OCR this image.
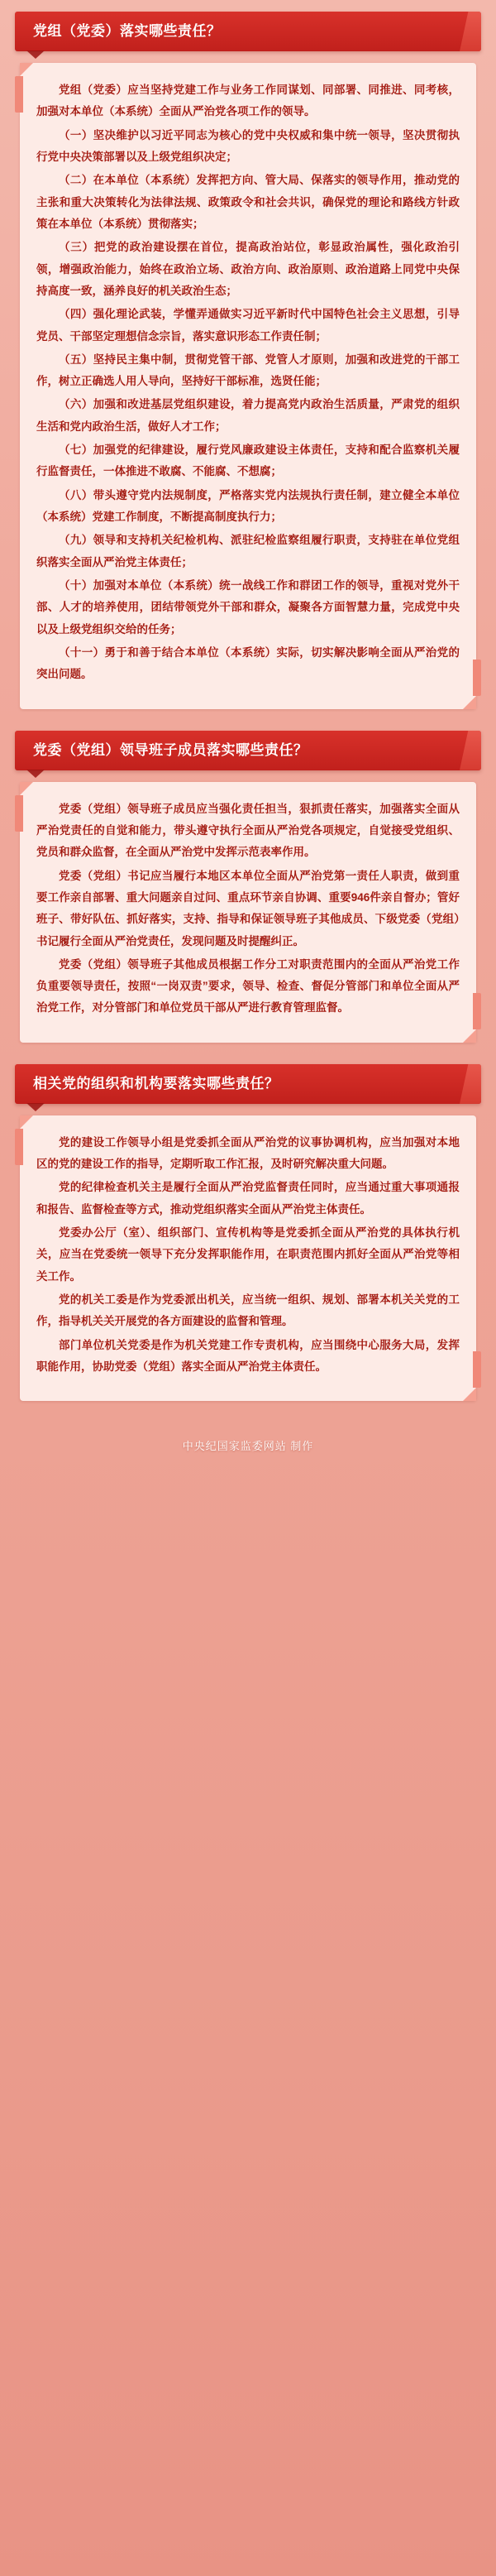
党组（党委）落实哪些责任？

党组（党委）应当坚持党建工作与业务工作同谋划、同部署、同推进、同考核，加强对本单位（本系统）全面从严治党各项工作的领导。

（一）坚决维护以习近平同志为核心的党中央权威和集中统一领导，坚决贯彻执行党中央决策部署以及上级党组织决定；

（二）在本单位（本系统）发挥把方向、管大局、保落实的领导作用，推动党的主张和重大决策转化为法律法规、政策政令和社会共识，确保党的理论和路线方针政策在本单位（本系统）贯彻落实；

（三）把党的政治建设摆在首位，提高政治站位，彰显政治属性，强化政治引领，增强政治能力，始终在政治立场、政治方向、政治原则、政治道路上同党中央保持高度一致，涵养良好的机关政治生态；

（四）强化理论武装，学懂弄通做实习近平新时代中国特色社会主义思想，引导党员、干部坚定理想信念宗旨，落实意识形态工作责任制；

（五）坚持民主集中制，贯彻党管干部、党管人才原则，加强和改进党的干部工作，树立正确选人用人导向，坚持好干部标准，选贤任能；

（六）加强和改进基层党组织建设，着力提高党内政治生活质量，严肃党的组织生活和党内政治生活，做好人才工作；

（七）加强党的纪律建设，履行党风廉政建设主体责任，支持和配合监察机关履行监督责任，一体推进不敢腐、不能腐、不想腐；

（八）带头遵守党内法规制度，严格落实党内法规执行责任制，建立健全本单位（本系统）党建工作制度，不断提高制度执行力；

（九）领导和支持机关纪检机构、派驻纪检监察组履行职责，支持驻在单位党组织落实全面从严治党主体责任；

（十）加强对本单位（本系统）统一战线工作和群团工作的领导，重视对党外干部、人才的培养使用，团结带领党外干部和群众，凝聚各方面智慧力量，完成党中央以及上级党组织交给的任务；

（十一）勇于和善于结合本单位（本系统）实际，切实解决影响全面从严治党的突出问题。

党委（党组）领导班子成员落实哪些责任？

党委（党组）领导班子成员应当强化责任担当，狠抓责任落实，加强落实全面从严治党责任的自觉和能力，带头遵守执行全面从严治党各项规定，自觉接受党组织、党员和群众监督，在全面从严治党中发挥示范表率作用。

党委（党组）书记应当履行本地区本单位全面从严治党第一责任人职责，做到重要工作亲自部署、重大问题亲自过问、重点环节亲自协调、重要946件亲自督办；管好班子、带好队伍、抓好落实，支持、指导和保证领导班子其他成员、下级党委（党组）书记履行全面从严治党责任，发现问题及时提醒纠正。

党委（党组）领导班子其他成员根据工作分工对职责范围内的全面从严治党工作负重要领导责任，按照“一岗双责”要求，领导、检查、督促分管部门和单位全面从严治党工作，对分管部门和单位党员干部从严进行教育管理监督。

相关党的组织和机构要落实哪些责任？

党的建设工作领导小组是党委抓全面从严治党的议事协调机构，应当加强对本地区的党的建设工作的指导，定期听取工作汇报，及时研究解决重大问题。

党的纪律检查机关主是履行全面从严治党监督责任同时，应当通过重大事项通报和报告、监督检查等方式，推动党组织落实全面从严治党主体责任。

党委办公厅（室）、组织部门、宣传机构等是党委抓全面从严治党的具体执行机关，应当在党委统一领导下充分发挥职能作用，在职责范围内抓好全面从严治党等相关工作。

党的机关工委是作为党委派出机关，应当统一组织、规划、部署本机关关党的工作，指导机关关开展党的各方面建设的监督和管理。

部门单位机关党委是作为机关党建工作专责机构，应当围绕中心服务大局，发挥职能作用，协助党委（党组）落实全面从严治党主体责任。

中央纪国家监委网站 制作
